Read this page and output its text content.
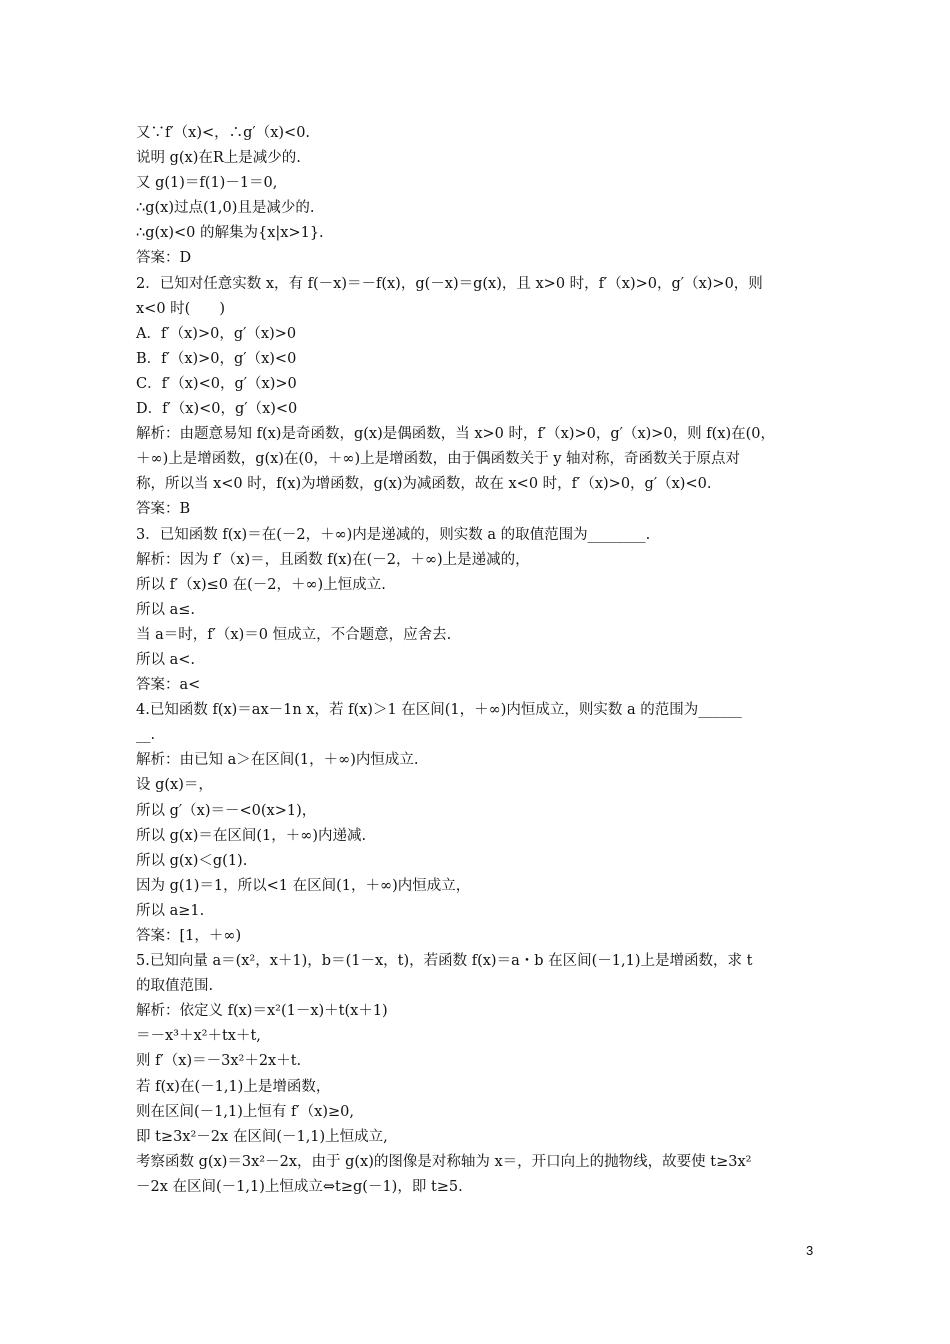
又∵f′（x)<，∴g′（x)<0.
说明 g(x)在R上是减少的.
又 g(1)＝f(1)－1＝0,
∴g(x)过点(1,0)且是减少的.
∴g(x)<0 的解集为{x|x>1}.
答案：D
2．已知对任意实数 x，有 f(－x)＝－f(x)，g(－x)＝g(x)，且 x>0 时，f′（x)>0，g′（x)>0，则
x<0 时(　　)
A．f′（x)>0，g′（x)>0
B．f′（x)>0，g′（x)<0
C．f′（x)<0，g′（x)>0
D．f′（x)<0，g′（x)<0
解析：由题意易知 f(x)是奇函数，g(x)是偶函数，当 x>0 时，f′（x)>0，g′（x)>0，则 f(x)在(0，
＋∞)上是增函数，g(x)在(0，＋∞)上是增函数，由于偶函数关于 y 轴对称，奇函数关于原点对
称，所以当 x<0 时，f(x)为增函数，g(x)为减函数，故在 x<0 时，f′（x)>0，g′（x)<0.
答案：B
3．已知函数 f(x)＝在(－2，＋∞)内是递减的，则实数 a 的取值范围为________.
解析：因为 f′（x)＝，且函数 f(x)在(－2，＋∞)上是递减的，
所以 f′（x)≤0 在(－2，＋∞)上恒成立.
所以 a≤.
当 a＝时，f′（x)＝0 恒成立，不合题意，应舍去.
所以 a<.
答案：a<
4.已知函数 f(x)＝ax－1n x，若 f(x)＞1 在区间(1，＋∞)内恒成立，则实数 a 的范围为______
__.
解析：由已知 a＞在区间(1，＋∞)内恒成立.
设 g(x)＝，
所以 g′（x)＝－<0(x>1)，
所以 g(x)＝在区间(1，＋∞)内递减.
所以 g(x)＜g(1).
因为 g(1)＝1，所以<1 在区间(1，＋∞)内恒成立，
所以 a≥1.
答案：[1，＋∞)
5.已知向量 a＝(x²，x＋1)，b＝(1－x，t)，若函数 f(x)＝a・b 在区间(－1,1)上是增函数，求 t
的取值范围.
解析：依定义 f(x)＝x²(1－x)＋t(x＋1)
＝－x³＋x²＋tx＋t,
则 f′（x)＝－3x²＋2x＋t.
若 f(x)在(－1,1)上是增函数，
则在区间(－1,1)上恒有 f′（x)≥0,
即 t≥3x²－2x 在区间(－1,1)上恒成立,
考察函数 g(x)＝3x²－2x，由于 g(x)的图像是对称轴为 x＝，开口向上的抛物线，故要使 t≥3x²
－2x 在区间(－1,1)上恒成立⇔t≥g(－1)，即 t≥5.
3
